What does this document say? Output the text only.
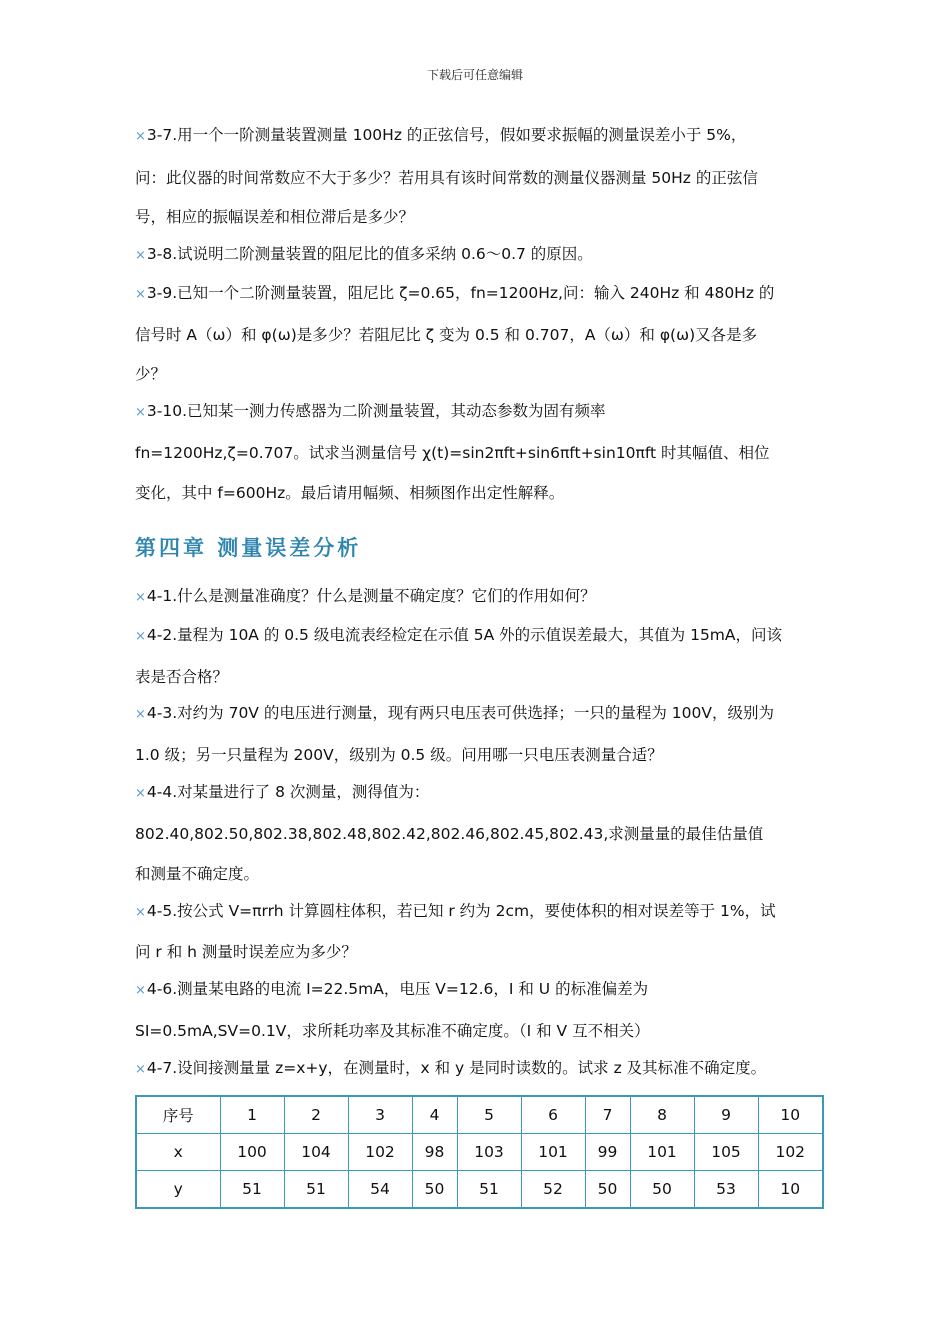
下载后可任意编辑
×3-7.用一个一阶测量装置测量 100Hz 的正弦信号，假如要求振幅的测量误差小于 5%，
问：此仪器的时间常数应不大于多少？若用具有该时间常数的测量仪器测量 50Hz 的正弦信
号，相应的振幅误差和相位滞后是多少？
×3-8.试说明二阶测量装置的阻尼比的值多采纳 0.6～0.7 的原因。
×3-9.已知一个二阶测量装置，阻尼比 ζ=0.65，fn=1200Hz,问：输入 240Hz 和 480Hz 的
信号时 A（ω）和 φ(ω)是多少？若阻尼比 ζ 变为 0.5 和 0.707，A（ω）和 φ(ω)又各是多
少？
×3-10.已知某一测力传感器为二阶测量装置，其动态参数为固有频率
fn=1200Hz,ζ=0.707。试求当测量信号 χ(t)=sin2πft+sin6πft+sin10πft 时其幅值、相位
变化，其中 f=600Hz。最后请用幅频、相频图作出定性解释。
×4-1.什么是测量准确度？什么是测量不确定度？它们的作用如何？
×4-2.量程为 10A 的 0.5 级电流表经检定在示值 5A 外的示值误差最大，其值为 15mA，问该
表是否合格？
×4-3.对约为 70V 的电压进行测量，现有两只电压表可供选择；一只的量程为 100V，级别为
1.0 级；另一只量程为 200V，级别为 0.5 级。问用哪一只电压表测量合适？
×4-4.对某量进行了 8 次测量，测得值为：
802.40,802.50,802.38,802.48,802.42,802.46,802.45,802.43,求测量量的最佳估量值
和测量不确定度。
×4-5.按公式 V=πrrh 计算圆柱体积，若已知 r 约为 2cm，要使体积的相对误差等于 1%，试
问 r 和 h 测量时误差应为多少？
×4-6.测量某电路的电流 I=22.5mA，电压 V=12.6，I 和 U 的标准偏差为
SI=0.5mA,SV=0.1V，求所耗功率及其标准不确定度。（I 和 V 互不相关）
×4-7.设间接测量量 z=x+y，在测量时，x 和 y 是同时读数的。试求 z 及其标准不确定度。
第四章 测量误差分析
序号	1	2	3	4	5	6	7	8	9	10
x	100	104	102	98	103	101	99	101	105	102
y	51	51	54	50	51	52	50	50	53	10
